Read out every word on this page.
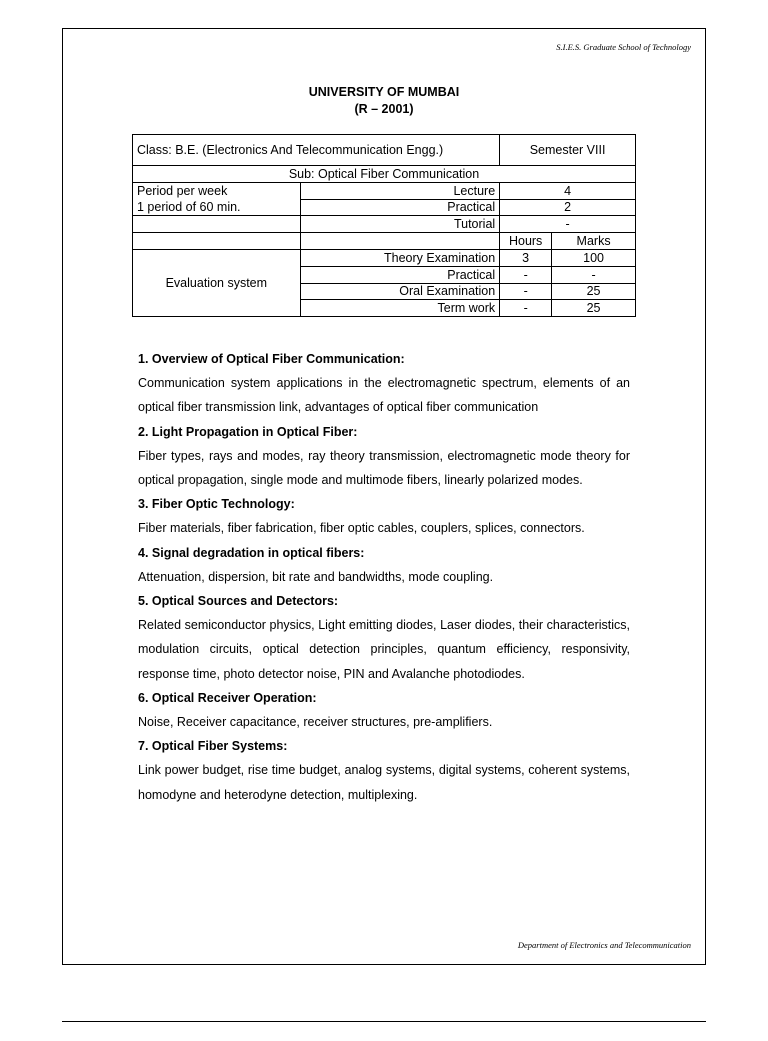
S.I.E.S. Graduate School of Technology
UNIVERSITY OF MUMBAI
(R – 2001)
Class: B.E. (Electronics And Telecommunication Engg.)		Semester VIII	
Sub: Optical Fiber Communication			
Period per week	Lecture	4	
1 period of 60 min.	Practical	2	
	Tutorial	-	
		Hours	Marks
Evaluation system	Theory Examination	3	100
	Practical	-	-
	Oral Examination	-	25
	Term work	-	25
1. Overview of Optical Fiber Communication:

Communication system applications in the electromagnetic spectrum, elements of an optical fiber transmission link, advantages of optical fiber communication

2. Light Propagation in Optical Fiber:

Fiber types, rays and modes, ray theory transmission, electromagnetic mode theory for optical propagation, single mode and multimode fibers, linearly polarized modes.

3. Fiber Optic Technology:

Fiber materials, fiber fabrication, fiber optic cables, couplers, splices, connectors.

4. Signal degradation in optical fibers:

Attenuation, dispersion, bit rate and bandwidths, mode coupling.

5. Optical Sources and Detectors:

Related semiconductor physics, Light emitting diodes, Laser diodes, their characteristics, modulation circuits, optical detection principles, quantum efficiency, responsivity, response time, photo detector noise, PIN and Avalanche photodiodes.

6. Optical Receiver Operation:

Noise, Receiver capacitance, receiver structures, pre-amplifiers.

7. Optical Fiber Systems:

Link power budget, rise time budget, analog systems, digital systems, coherent systems, homodyne and heterodyne detection, multiplexing.

Department of Electronics and Telecommunication
